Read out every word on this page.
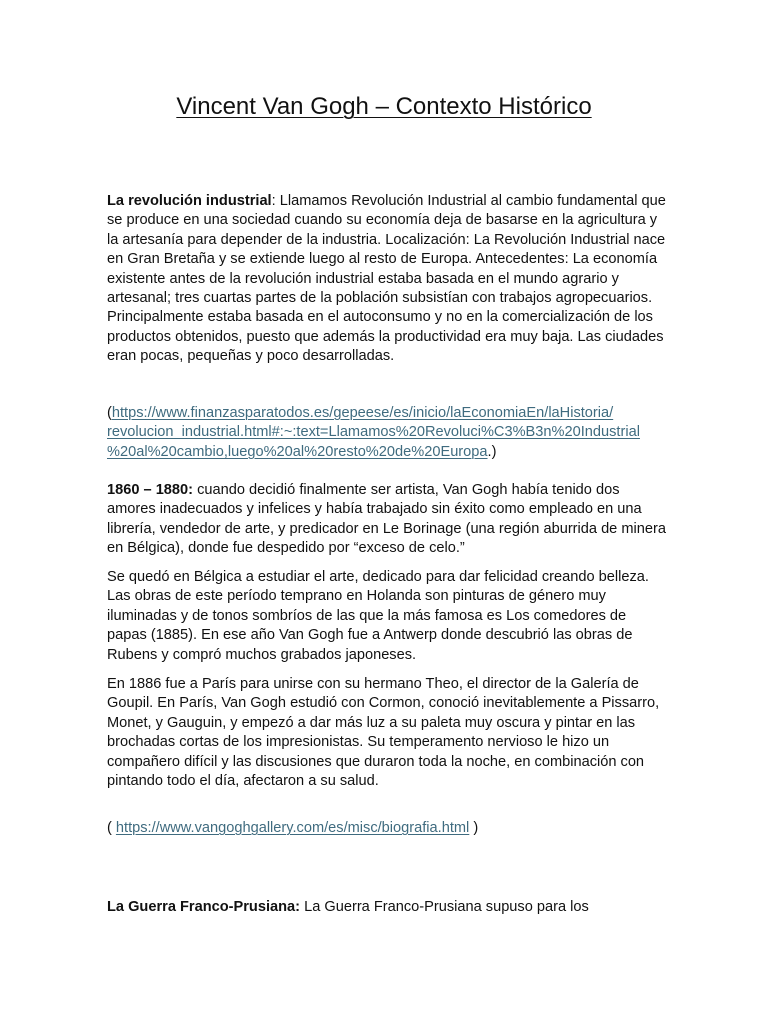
Vincent Van Gogh – Contexto Histórico

La revolución industrial: Llamamos Revolución Industrial al cambio fundamental que se produce en una sociedad cuando su economía deja de basarse en la agricultura y la artesanía para depender de la industria. Localización: La Revolución Industrial nace en Gran Bretaña y se extiende luego al resto de Europa. Antecedentes: La economía existente antes de la revolución industrial estaba basada en el mundo agrario y artesanal; tres cuartas partes de la población subsistían con trabajos agropecuarios. Principalmente estaba basada en el autoconsumo y no en la comercialización de los productos obtenidos, puesto que además la productividad era muy baja. Las ciudades eran pocas, pequeñas y poco desarrolladas.

(https://www.finanzasparatodos.es/gepeese/es/inicio/laEconomiaEn/laHistoria/
revolucion_industrial.html#:~:text=Llamamos%20Revoluci%C3%B3n%20Industrial
%20al%20cambio,luego%20al%20resto%20de%20Europa.)

1860 – 1880: cuando decidió finalmente ser artista, Van Gogh había tenido dos amores inadecuados y infelices y había trabajado sin éxito como empleado en una librería, vendedor de arte, y predicador en Le Borinage (una región aburrida de minera en Bélgica), donde fue despedido por “exceso de celo.”

Se quedó en Bélgica a estudiar el arte, dedicado para dar felicidad creando belleza. Las obras de este período temprano en Holanda son pinturas de género muy iluminadas y de tonos sombríos de las que la más famosa es Los comedores de papas (1885). En ese año Van Gogh fue a Antwerp donde descubrió las obras de Rubens y compró muchos grabados japoneses.

En 1886 fue a París para unirse con su hermano Theo, el director de la Galería de Goupil. En París, Van Gogh estudió con Cormon, conoció inevitablemente a Pissarro, Monet, y Gauguin, y empezó a dar más luz a su paleta muy oscura y pintar en las brochadas cortas de los impresionistas. Su temperamento nervioso le hizo un compañero difícil y las discusiones que duraron toda la noche, en combinación con pintando todo el día, afectaron a su salud.

( https://www.vangoghgallery.com/es/misc/biografia.html )

La Guerra Franco-Prusiana: La Guerra Franco-Prusiana supuso para los
